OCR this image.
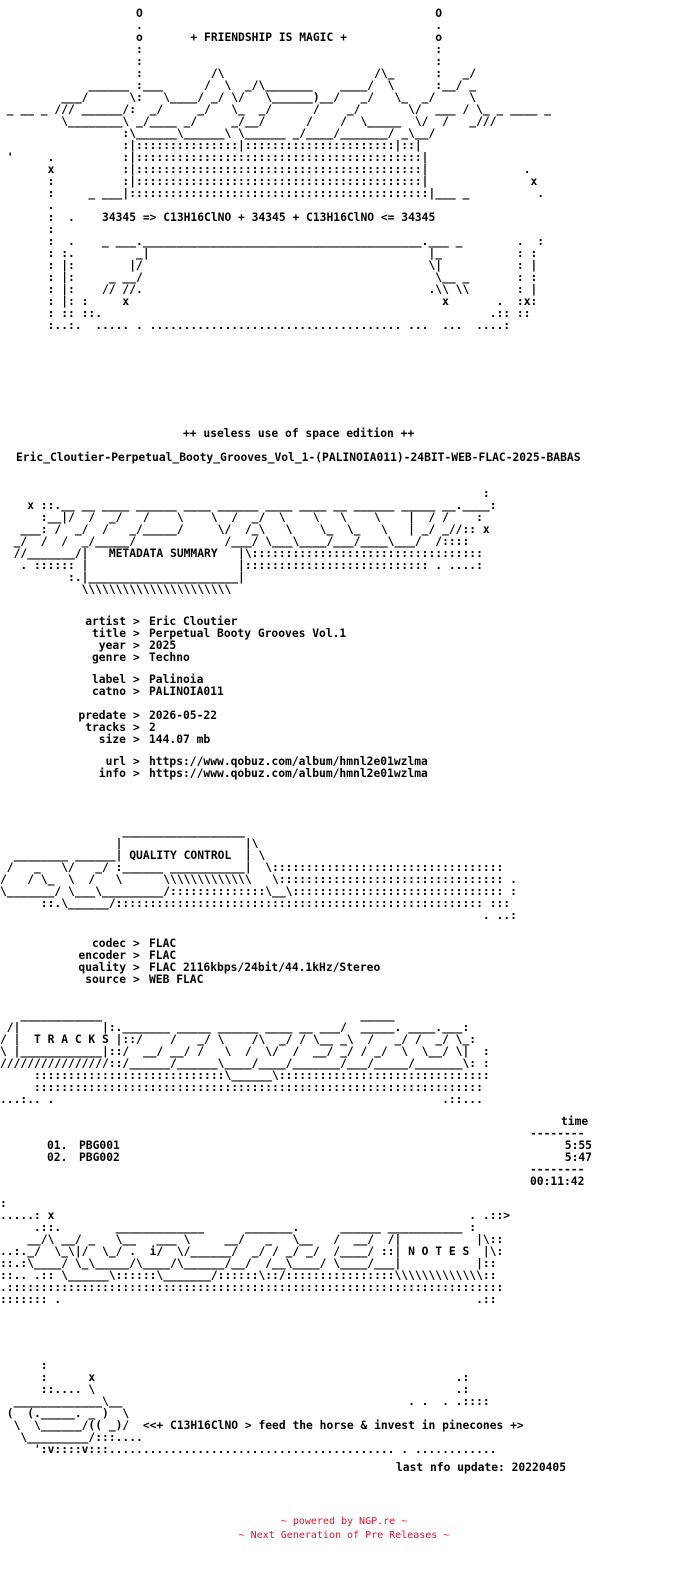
O                                           O
.                                           .
o       + FRIENDSHIP IS MAGIC +             o
:                                           :
:                                           :
:          /\                      /\_      :   _/
______ :___      /  \  _/\_______    ____/  \      :__/ _
___/      \:   \____/ _/ \/   \______)__/   _/   \_  _/     \
_ __ _ /// ______/:  _/     _/   \_  _/      /    _/       \/  ___ / \_ _ ____ _
\________\ _/____ _/     _/__/      /    /  \_____  \/  /   _///
:\______\______\ \______ _/____/_______/ _\__/
:|:::::::::::::::|::::::::::::::::::::::|::|
'     .          :|::::::::::::::::::::::::::::::::::::::::::|
x          :|::::::::::::::::::::::::::::::::::::::::::|              .
:          :|::::::::::::::::::::::::::::::::::::::::::|               x
:     _ ___|::::::::::::::::::::::::::::::::::::::::::::|___ _          .
.
:  .    34345 => C13H16ClNO + 34345 + C13H16ClNO <= 34345
:
:  .    _ ___._________________________________________.___ _        .  :
: :.         _|                                         |_           : :
: |:        |/                                          \|           : |
: |:     _ __/                                           \__ _       : :
: |:    // //.                                          .\\ \\       : |
: |: :     x                                              x       .  :x:
: :: ::.                                                         .:: ::
:..:.  ..... . ..................................... ...  ...  ....:
++ useless use of space edition ++
Eric_Cloutier-Perpetual_Booty_Grooves_Vol_1-(PALINOIA011)-24BIT-WEB-FLAC-2025-BABAS
:
x ::.__ __ ____ ______ ____ ______ ____ ____ __ ______ _____ __.____:
:__|/  /  _/   /    \    \  /  _/  \    \   \    \    |  / /    :
___: /  _/  /   _/_____/     \/  /_\   \    \_  \_   \   | _/ _//:: x
_/  /  /  _/_____/             /___/ \___\____/___/____\___/  /::::
//_______/|   METADATA SUMMARY   |\::::::::::::::::::::::::::::::::::
. :::::: |                      |::::::::::::::::::::::::::: . ....:
:.|______________________|
\\\\\\\\\\\\\\\\\\\\\\
artist > Eric Cloutier
title > Perpetual Booty Grooves Vol.1
year > 2025
genre > Techno
label > Palinoia
catno > PALINOIA011
predate > 2026-05-22
tracks > 2
size > 144.07 mb
url > https://www.qobuz.com/album/hmnl2e01wzlma
info > https://www.qobuz.com/album/hmnl2e01wzlma
__________________
|                  |\
________ ______| QUALITY CONTROL  | \
/   _   \/   _/ :______ ___________|  \::::::::::::::::::::::::::::::::::
/   / \_  \  /   \      \\\\\\\\\\\\\   \::::::::::::::::::::::::::::::::: .
\_______/ \___\_________/::::::::::::::\__\::::::::::::::::::::::::::::::: :
::.\______/:::::::::::::::::::::::::::::::::::::::::::::::::::::: :::
. ..:
codec > FLAC
encoder > FLAC
quality > FLAC 2116kbps/24bit/44.1kHz/Stereo
source > WEB FLAC
____________                                      _____
/|            |:._______ _____ ______ ____ __ ___/  _____. ____.___:
/ |  T R A C K S |::/    /   _/ \    /\  _/ / \__ _\  /   _/ /  _/ \_:
\ |____________|::/  __/ __/ /   \  /  \/  /  __/ _/ / _/  \  \__/ \|  :
////////////////::/______/______\____/____/_______/___/_____/_______\: :
::::::::::::::::::::::::::::\______\:::::::::::::::::::::::::::::::
::::::::::::::::::::::::::::::::::::::::::::::::::::::::::::::::::
...:.. .                                                         .::...
time
--------
--------
00:11:42
01. PBG001	5:55
02. PBG002	5:47
:
.....: x                                                             . .::>
.::.        _____________      _______.      ______ ___________ :
__/\ __/ _   \__   ___ \     __/   _   \__   /  __/  /|           |\::
..:._/  \_\|/  \_/ .  i/  \/______/  _/ / _/ _/  /____/ ::| N O T E S  |\:
::.:\____/ \_\_____/\____/\______/__/  /__\____/ \____/___|           |::
::.. .:: \______\::::::\_______/::::::\::/::::::::::::::::\\\\\\\\\\\\\::
.:::::::::::::::::::::::::::::::::::::::::::::::::::::::::::::::::::::::::
::::::: .                                                             .::
:
:      x                                                     .:
::.... \                                                     .:
_____________\__                                          . .  . .::::
(  (._____. _ )  \
\  \______/(( _)/  <<+ C13H16ClNO > feed the horse & invest in pinecones +>
\_________/:::....
':v::::v:::.......................................... . ............
last nfo update: 20220405
~ powered by NGP.re ~
~ Next Generation of Pre Releases ~
